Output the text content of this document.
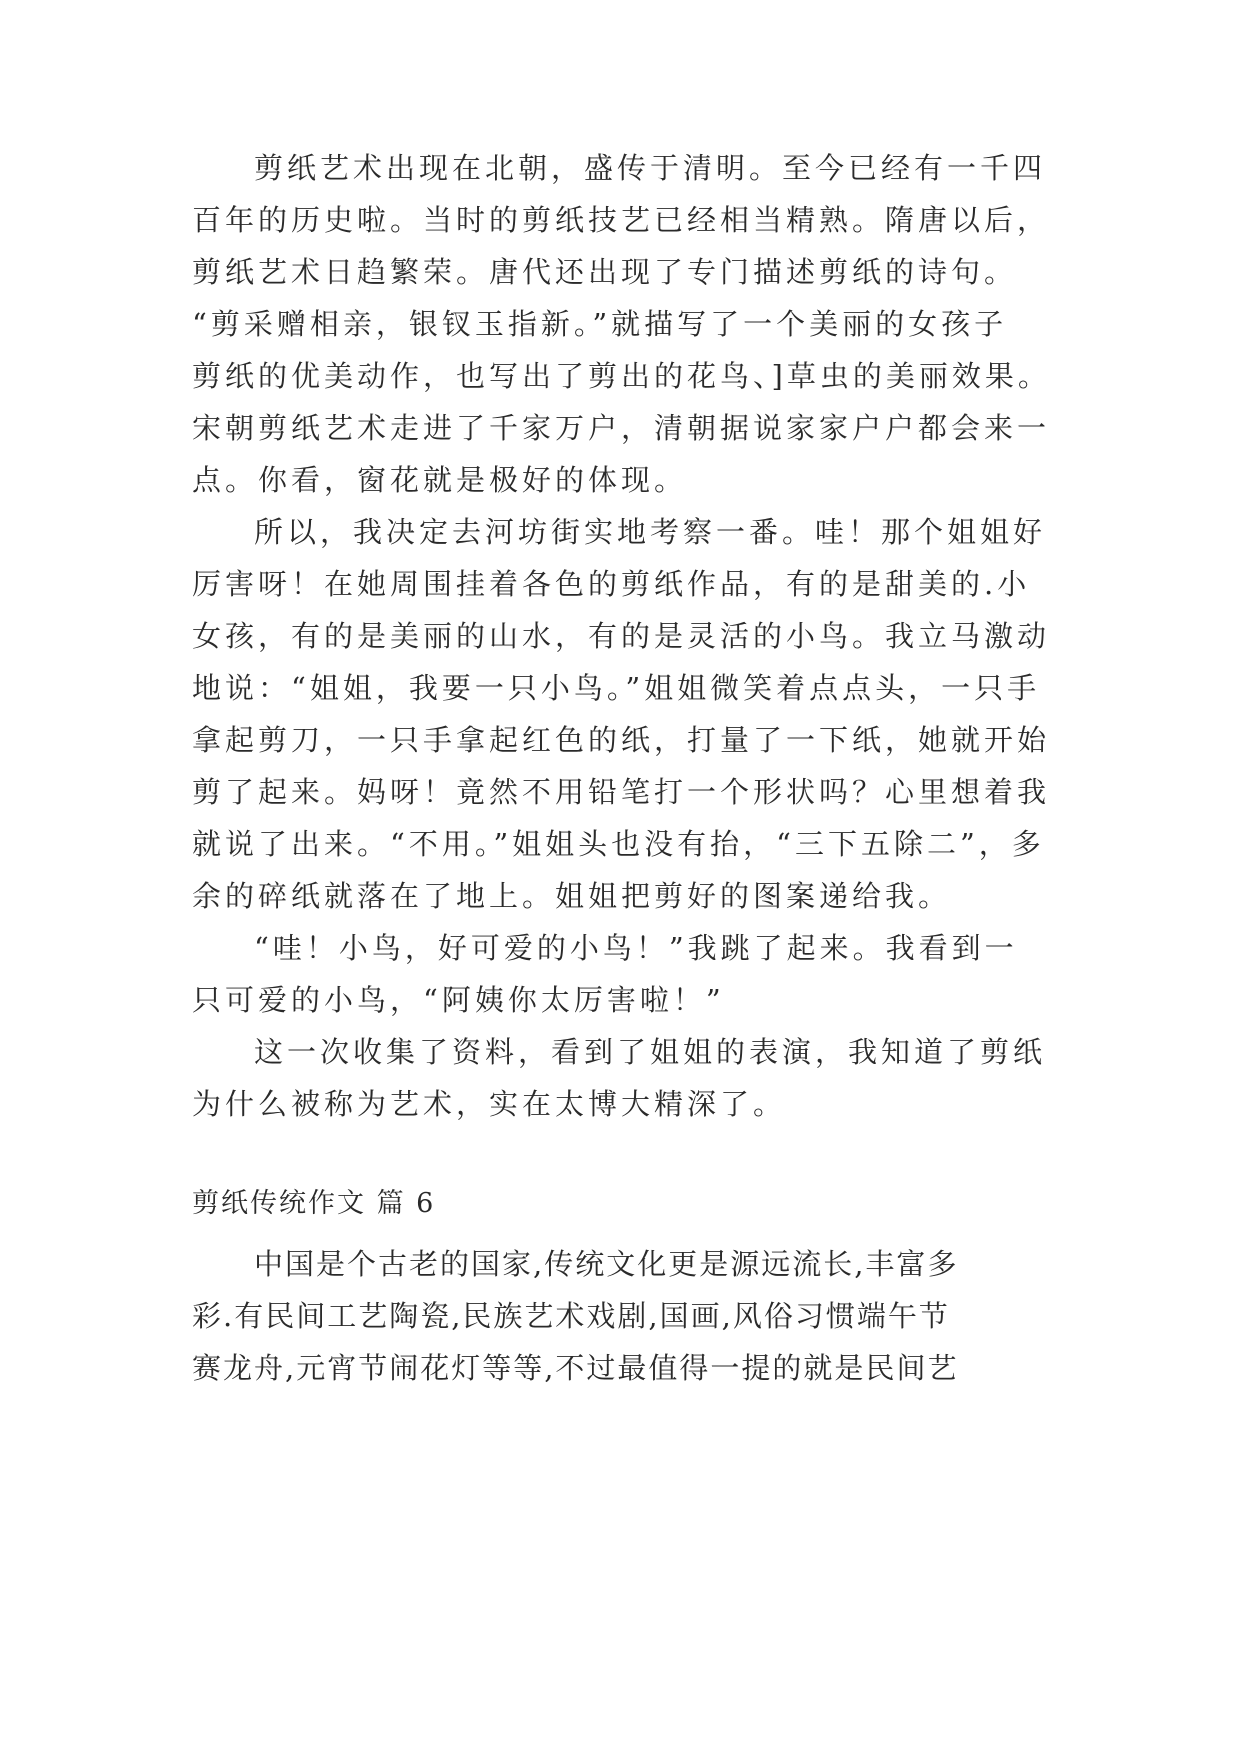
剪纸艺术出现在北朝，盛传于清明。至今已经有一千四
百年的历史啦。当时的剪纸技艺已经相当精熟。隋唐以后，
剪纸艺术日趋繁荣。唐代还出现了专门描述剪纸的诗句。
“剪采赠相亲，银钗玉指新。”就描写了一个美丽的女孩子
剪纸的优美动作，也写出了剪出的花鸟、]草虫的美丽效果。
宋朝剪纸艺术走进了千家万户，清朝据说家家户户都会来一
点。你看，窗花就是极好的体现。
所以，我决定去河坊街实地考察一番。哇！那个姐姐好
厉害呀！在她周围挂着各色的剪纸作品，有的是甜美的.小
女孩，有的是美丽的山水，有的是灵活的小鸟。我立马激动
地说：“姐姐，我要一只小鸟。”姐姐微笑着点点头，一只手
拿起剪刀，一只手拿起红色的纸，打量了一下纸，她就开始
剪了起来。妈呀！竟然不用铅笔打一个形状吗？心里想着我
就说了出来。“不用。”姐姐头也没有抬，“三下五除二”，多
余的碎纸就落在了地上。姐姐把剪好的图案递给我。
“哇！小鸟，好可爱的小鸟！”我跳了起来。我看到一
只可爱的小鸟，“阿姨你太厉害啦！”
这一次收集了资料，看到了姐姐的表演，我知道了剪纸
为什么被称为艺术，实在太博大精深了。
剪纸传统作文 篇 6
中国是个古老的国家,传统文化更是源远流长,丰富多
彩.有民间工艺陶瓷,民族艺术戏剧,国画,风俗习惯端午节
赛龙舟,元宵节闹花灯等等,不过最值得一提的就是民间艺
